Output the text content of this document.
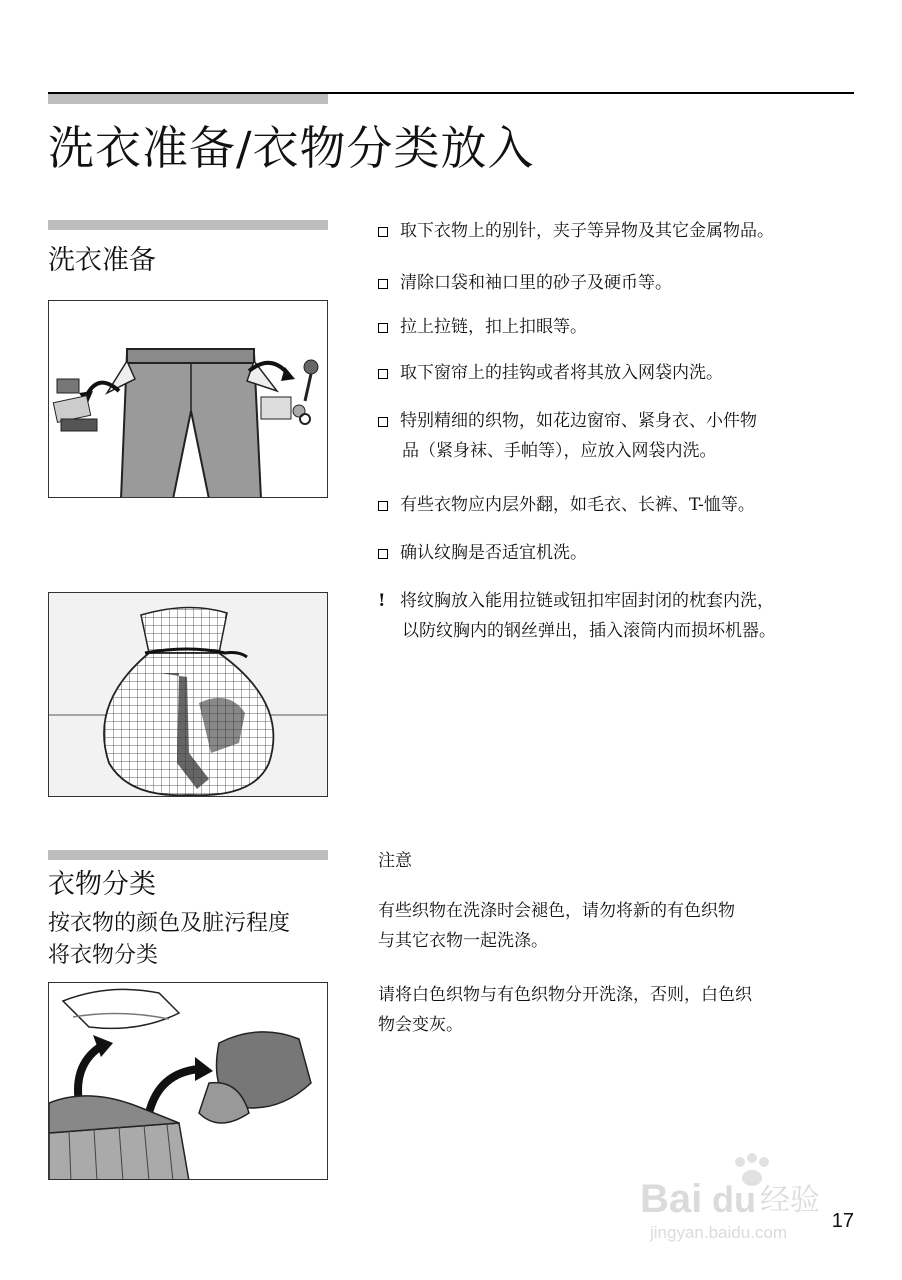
洗衣准备/衣物分类放入
洗衣准备
取下衣物上的别针，夹子等异物及其它金属物品。
清除口袋和袖口里的砂子及硬币等。
拉上拉链，扣上扣眼等。
取下窗帘上的挂钩或者将其放入网袋内洗。
特别精细的织物，如花边窗帘、紧身衣、小件物
品（紧身袜、手帕等），应放入网袋内洗。
有些衣物应内层外翻，如毛衣、长裤、T-恤等。
确认纹胸是否适宜机洗。
! 将纹胸放入能用拉链或钮扣牢固封闭的枕套内洗，
以防纹胸内的钢丝弹出，插入滚筒内而损坏机器。
衣物分类
按衣物的颜色及脏污程度
将衣物分类
注意
有些织物在洗涤时会褪色，请勿将新的有色织物
与其它衣物一起洗涤。
请将白色织物与有色织物分开洗涤，否则，白色织
物会变灰。
Bai du 经验
jingyan.baidu.com
17
